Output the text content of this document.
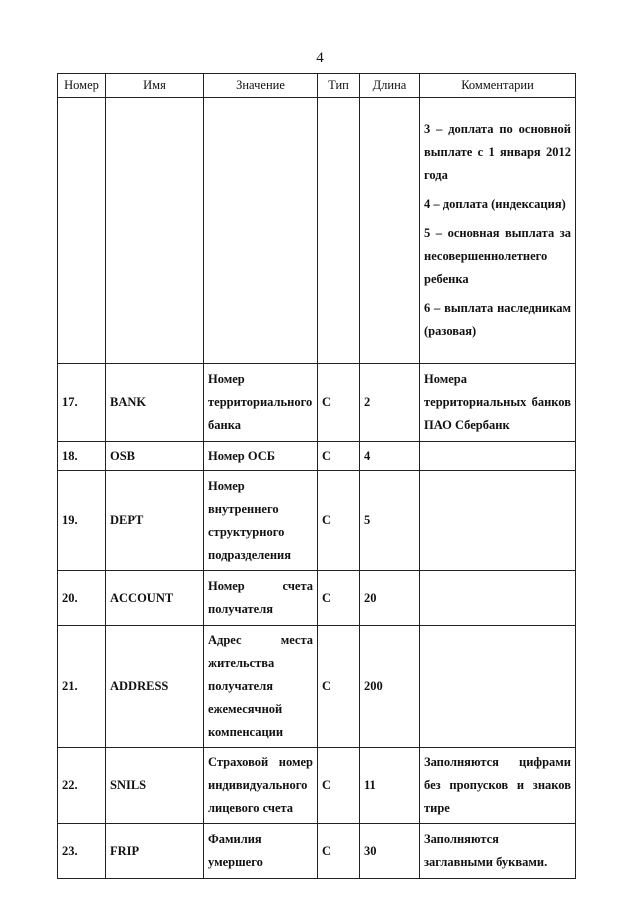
4
Номер	Имя	Значение	Тип	Длина	Комментарии

					3 – доплата по основной выплате с 1 января 2012 года
4 – доплата (индексация)
5 – основная выплата за несовершеннолетнего ребенка
6 – выплата наследникам (разовая)

17.	BANK	Номер территориального банка	C	2	Номера территориальных банков ПАО Сбербанк

18.	OSB	Номер ОСБ	C	4	
19.	DEPT	Номер внутреннего структурного подразделения	C	5	
20.	ACCOUNT	Номер счета получателя	C	20	
21.	ADDRESS	Адрес места жительства получателя ежемесячной компенсации	C	200	
22.	SNILS	Страховой номер индивидуального лицевого счета	C	11	Заполняются цифрами без пропусков и знаков тире

23.	FRIP	Фамилия умершего	C	30	Заполняются заглавными буквами.
